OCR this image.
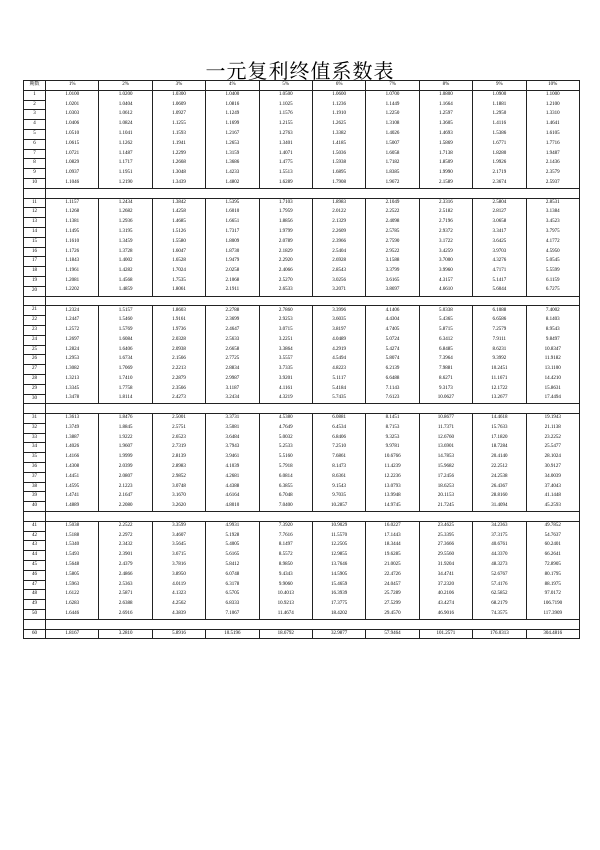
一元复利终值系数表
期数	1%	2%	3%	4%	5%	6%	7%	8%	9%	10%
1	1.0100	1.0200	1.0300	1.0400	1.0500	1.0600	1.0700	1.0800	1.0900	1.1000
2	1.0201	1.0404	1.0609	1.0816	1.1025	1.1236	1.1449	1.1664	1.1881	1.2100
3	1.0303	1.0612	1.0927	1.1249	1.1576	1.1910	1.2250	1.2597	1.2950	1.3310
4	1.0406	1.0824	1.1255	1.1699	1.2155	1.2625	1.3108	1.3605	1.4116	1.4641
5	1.0510	1.1041	1.1593	1.2167	1.2763	1.3382	1.4026	1.4693	1.5386	1.6105
6	1.0615	1.1262	1.1941	1.2653	1.3401	1.4185	1.5007	1.5869	1.6771	1.7716
7	1.0721	1.1487	1.2299	1.3159	1.4071	1.5036	1.6058	1.7138	1.8280	1.9487
8	1.0829	1.1717	1.2668	1.3686	1.4775	1.5938	1.7182	1.8509	1.9926	2.1436
9	1.0937	1.1951	1.3048	1.4233	1.5513	1.6895	1.8385	1.9990	2.1719	2.3579
10	1.1046	1.2190	1.3439	1.4802	1.6289	1.7908	1.9672	2.1589	2.3674	2.5937

11	1.1157	1.2434	1.3842	1.5395	1.7103	1.8983	2.1049	2.3316	2.5804	2.8531
12	1.1268	1.2682	1.4258	1.6010	1.7959	2.0122	2.2522	2.5182	2.8127	3.1384
13	1.1381	1.2936	1.4685	1.6651	1.8856	2.1329	2.4098	2.7196	3.0658	3.4523
14	1.1495	1.3195	1.5126	1.7317	1.9799	2.2609	2.5785	2.9372	3.3417	3.7975
15	1.1610	1.3459	1.5580	1.8009	2.0789	2.3966	2.7590	3.1722	3.6425	4.1772
16	1.1726	1.3728	1.6047	1.8730	2.1829	2.5404	2.9522	3.4259	3.9703	4.5950
17	1.1843	1.4002	1.6528	1.9479	2.2920	2.6928	3.1588	3.7000	4.3276	5.0545
18	1.1961	1.4282	1.7024	2.0258	2.4066	2.8543	3.3799	3.9960	4.7171	5.5599
19	1.2081	1.4568	1.7535	2.1068	2.5270	3.0256	3.6165	4.3157	5.1417	6.1159
20	1.2202	1.4859	1.8061	2.1911	2.6533	3.2071	3.8697	4.6610	5.6044	6.7275

21	1.2324	1.5157	1.8603	2.2788	2.7860	3.3996	4.1406	5.0338	6.1088	7.4002
22	1.2447	1.5460	1.9161	2.3699	2.9253	3.6035	4.4304	5.4365	6.6586	8.1403
23	1.2572	1.5769	1.9736	2.4647	3.0715	3.8197	4.7405	5.8715	7.2579	8.9543
24	1.2697	1.6084	2.0328	2.5633	3.2251	4.0489	5.0724	6.3412	7.9111	9.8497
25	1.2824	1.6406	2.0938	2.6658	3.3864	4.2919	5.4274	6.8485	8.6231	10.8347
26	1.2953	1.6734	2.1566	2.7725	3.5557	4.5494	5.8074	7.3964	9.3992	11.9182
27	1.3082	1.7069	2.2213	2.8834	3.7335	4.8223	6.2139	7.9881	10.2451	13.1100
28	1.3213	1.7410	2.2879	2.9987	3.9201	5.1117	6.6488	8.6271	11.1671	14.4210
29	1.3345	1.7758	2.3566	3.1187	4.1161	5.4184	7.1143	9.3173	12.1722	15.8631
30	1.3478	1.8114	2.4273	3.2434	4.3219	5.7435	7.6123	10.0627	13.2677	17.4494

31	1.3613	1.8476	2.5001	3.3731	4.5380	6.0881	8.1451	10.8677	14.4618	19.1943
32	1.3749	1.8845	2.5751	3.5081	4.7649	6.4534	8.7153	11.7371	15.7633	21.1138
33	1.3887	1.9222	2.6523	3.6484	5.0032	6.8406	9.3253	12.6760	17.1820	23.2252
34	1.4026	1.9607	2.7319	3.7943	5.2533	7.2510	9.9781	13.6901	18.7284	25.5477
35	1.4166	1.9999	2.8139	3.9461	5.5160	7.6861	10.6766	14.7853	20.4140	28.1024
36	1.4308	2.0399	2.8983	4.1039	5.7918	8.1473	11.4239	15.9682	22.2512	30.9127
37	1.4451	2.0807	2.9852	4.2681	6.0814	8.6361	12.2236	17.2456	24.2538	34.0039
38	1.4595	2.1223	3.0748	4.4388	6.3855	9.1543	13.0793	18.6253	26.4367	37.4043
39	1.4741	2.1647	3.1670	4.6164	6.7048	9.7035	13.9948	20.1153	28.8160	41.1448
40	1.4889	2.2080	3.2620	4.8010	7.0400	10.2857	14.9745	21.7245	31.4094	45.2593

41	1.5038	2.2522	3.3599	4.9931	7.3920	10.9029	16.0227	23.4625	34.2363	49.7852
42	1.5188	2.2972	3.4607	5.1928	7.7616	11.5570	17.1443	25.3395	37.3175	54.7637
43	1.5340	2.3432	3.5645	5.4005	8.1497	12.2505	18.3444	27.3666	40.6761	60.2401
44	1.5493	2.3901	3.6715	5.6165	8.5572	12.9855	19.6285	29.5560	44.3370	66.2641
45	1.5648	2.4379	3.7816	5.8412	8.9850	13.7646	21.0025	31.9204	48.3273	72.8905
46	1.5805	2.4866	3.8950	6.0748	9.4343	14.5905	22.4726	34.4741	52.6767	80.1795
47	1.5963	2.5363	4.0119	6.3178	9.9060	15.4659	24.0457	37.2320	57.4176	88.1975
48	1.6122	2.5871	4.1323	6.5705	10.4013	16.3939	25.7289	40.2106	62.5852	97.0172
49	1.6283	2.6388	4.2562	6.8333	10.9213	17.3775	27.5299	43.4274	68.2179	106.7190
50	1.6446	2.6916	4.3839	7.1067	11.4674	18.4202	29.4570	46.9016	74.3575	117.3909

60	1.8167	3.2810	5.8916	10.5196	18.6792	32.9877	57.9464	101.2571	176.0313	304.4816
